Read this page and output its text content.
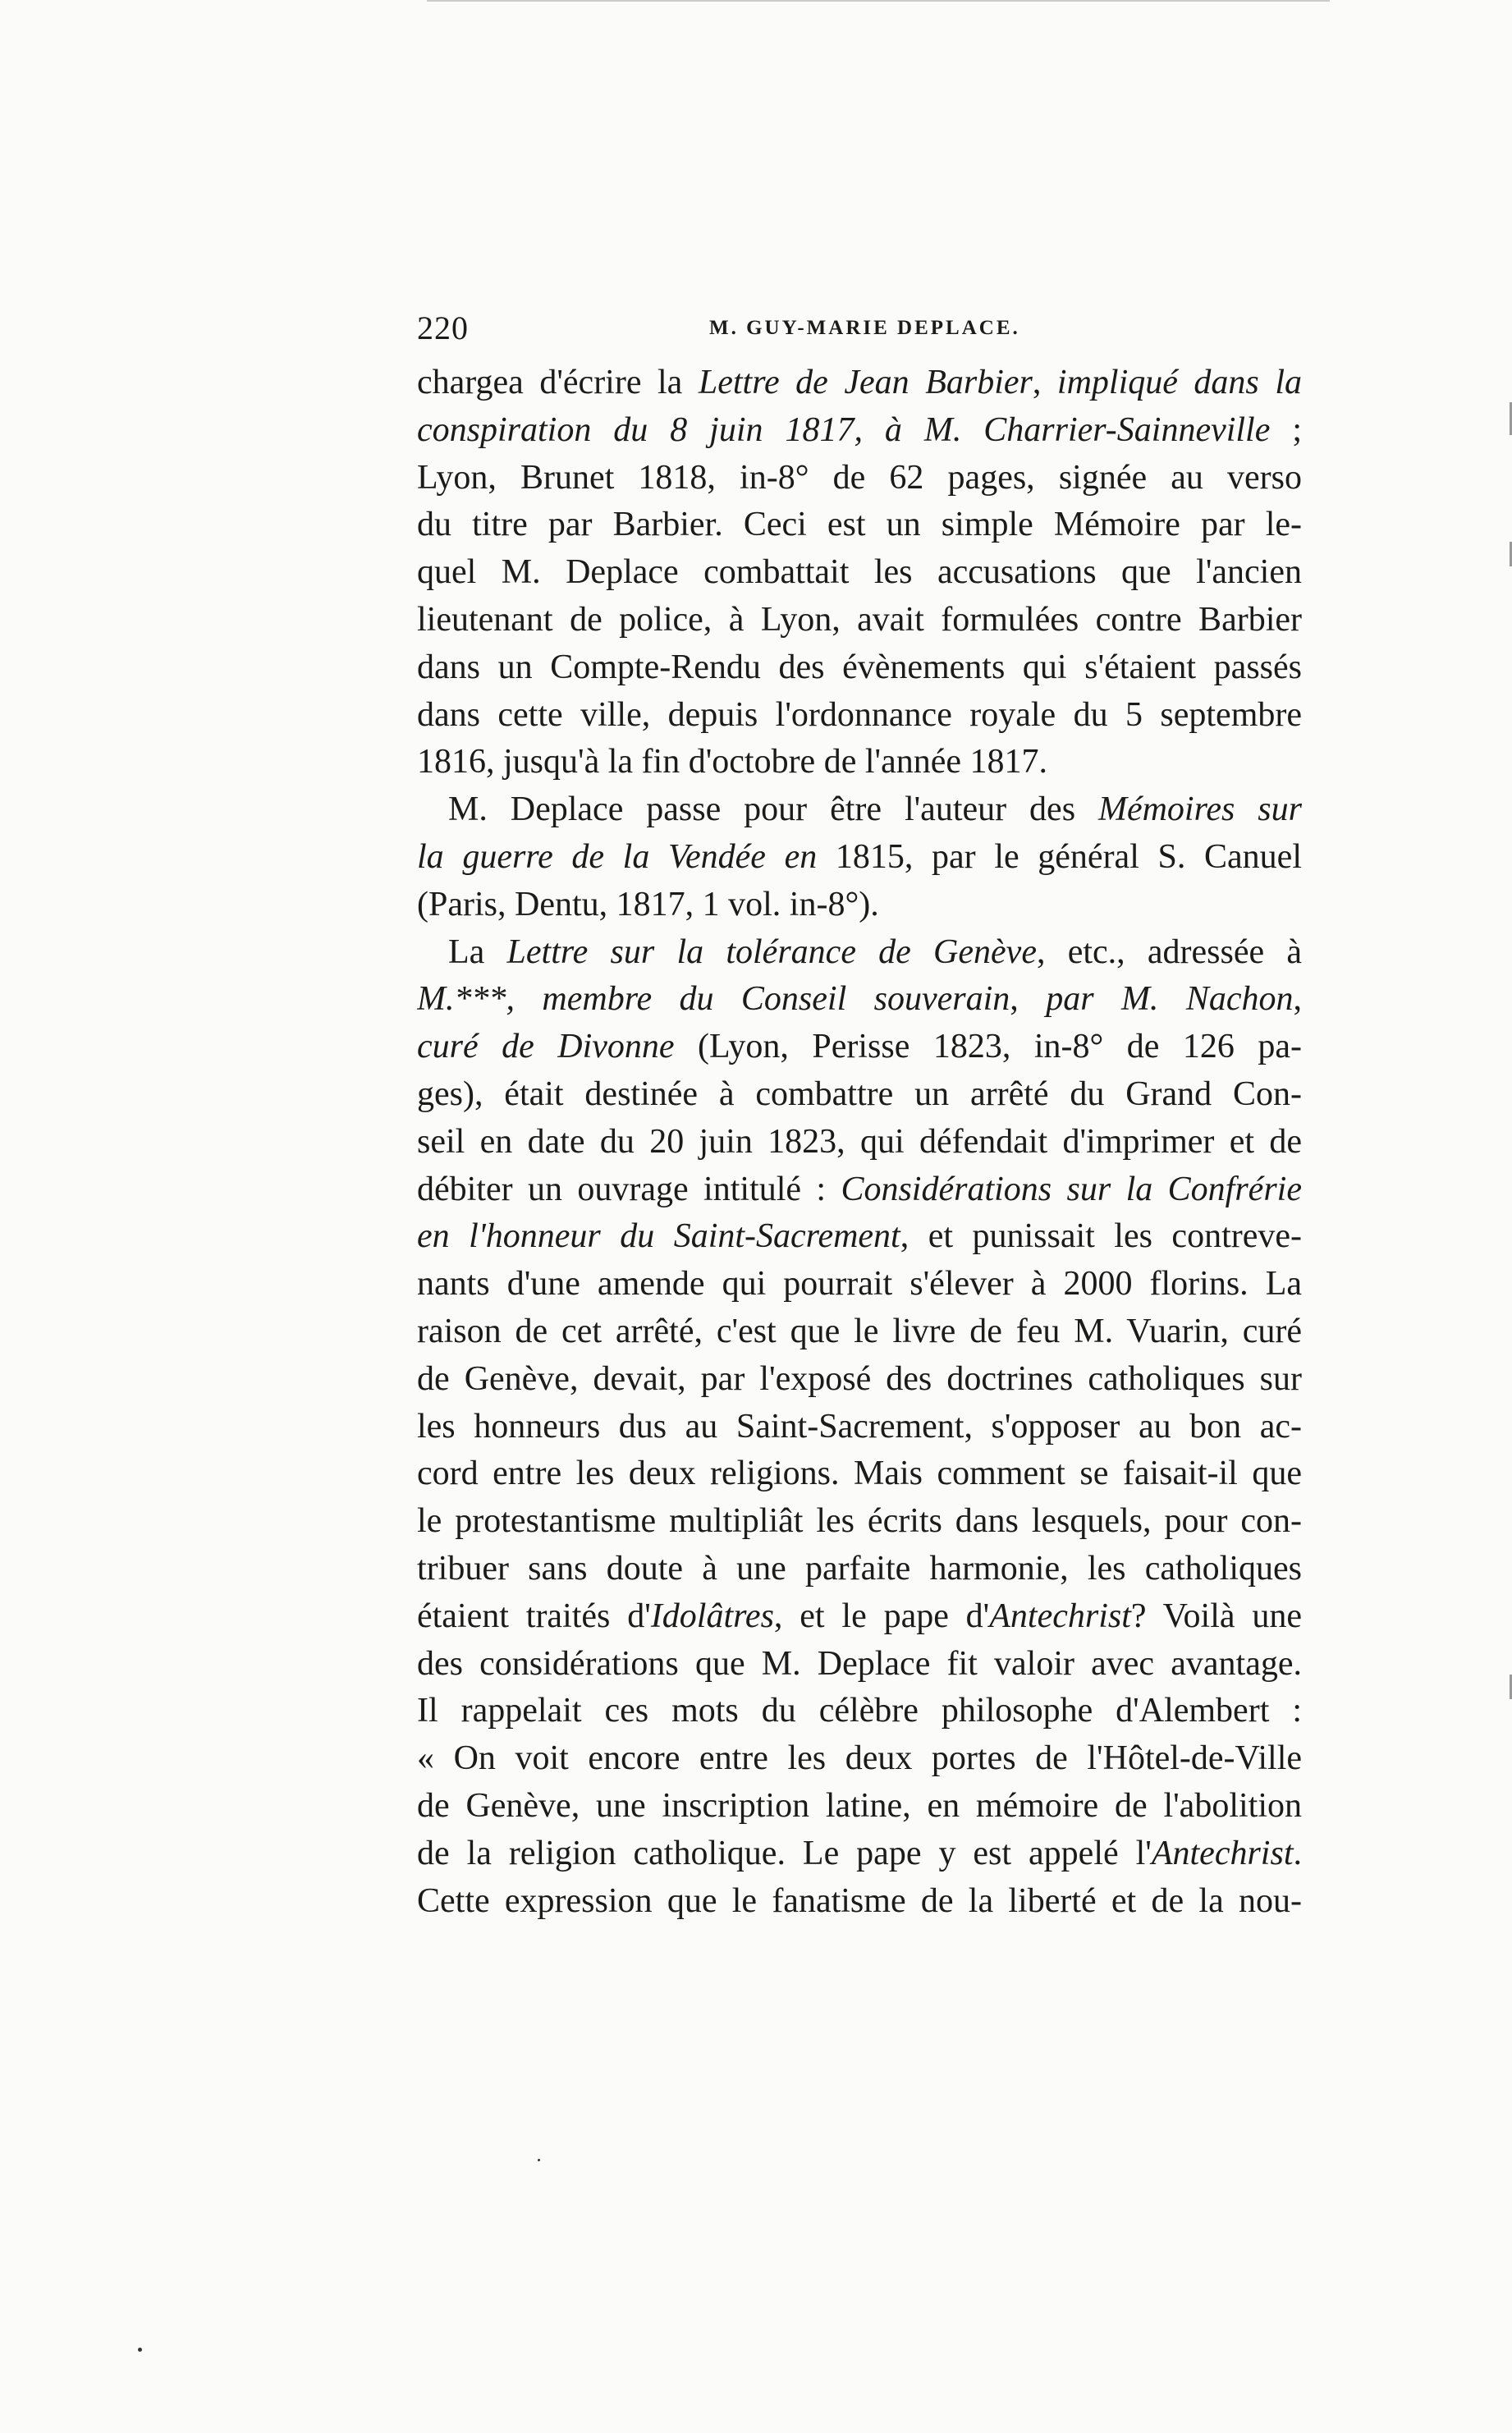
220	M. GUY-MARIE DEPLACE.
chargea d'écrire la Lettre de Jean Barbier, impliqué dans la
conspiration du 8 juin 1817, à M. Charrier-Sainneville ;
Lyon, Brunet 1818, in-8° de 62 pages, signée au verso
du titre par Barbier. Ceci est un simple Mémoire par le-
quel M. Deplace combattait les accusations que l'ancien
lieutenant de police, à Lyon, avait formulées contre Barbier
dans un Compte-Rendu des évènements qui s'étaient passés
dans cette ville, depuis l'ordonnance royale du 5 septembre
1816, jusqu'à la fin d'octobre de l'année 1817.
M. Deplace passe pour être l'auteur des Mémoires sur
la guerre de la Vendée en 1815, par le général S. Canuel
(Paris, Dentu, 1817, 1 vol. in-8°).
La Lettre sur la tolérance de Genève, etc., adressée à
M.***, membre du Conseil souverain, par M. Nachon,
curé de Divonne (Lyon, Perisse 1823, in-8° de 126 pa-
ges), était destinée à combattre un arrêté du Grand Con-
seil en date du 20 juin 1823, qui défendait d'imprimer et de
débiter un ouvrage intitulé : Considérations sur la Confrérie
en l'honneur du Saint-Sacrement, et punissait les contreve-
nants d'une amende qui pourrait s'élever à 2000 florins. La
raison de cet arrêté, c'est que le livre de feu M. Vuarin, curé
de Genève, devait, par l'exposé des doctrines catholiques sur
les honneurs dus au Saint-Sacrement, s'opposer au bon ac-
cord entre les deux religions. Mais comment se faisait-il que
le protestantisme multipliât les écrits dans lesquels, pour con-
tribuer sans doute à une parfaite harmonie, les catholiques
étaient traités d'Idolâtres, et le pape d'Antechrist? Voilà une
des considérations que M. Deplace fit valoir avec avantage.
Il rappelait ces mots du célèbre philosophe d'Alembert :
« On voit encore entre les deux portes de l'Hôtel-de-Ville
de Genève, une inscription latine, en mémoire de l'abolition
de la religion catholique. Le pape y est appelé l'Antechrist.
Cette expression que le fanatisme de la liberté et de la nou-
